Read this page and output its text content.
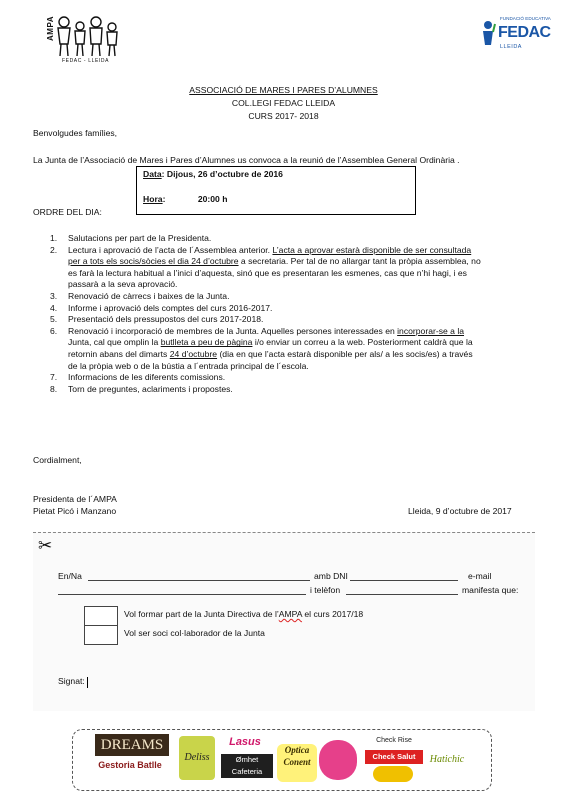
AMPA
FEDAC - LLEIDA
FUNDACIÓ EDUCATIVA
FEDAC
LLEIDA
ASSOCIACIÓ DE MARES I PARES D’ALUMNES
COL.LEGI FEDAC LLEIDA
CURS 2017- 2018
Benvolgudes famílies,
La Junta de l’Associació de Mares i Pares d’Alumnes us convoca a la reunió de l’Assemblea General Ordinària .
Data: Dijous, 26 d’octubre de 2016
Hora:	20:00 h
ORDRE DEL DIA:
1. Salutacions per part de la Presidenta.
2. Lectura i aprovació de l’acta de l´Assemblea anterior. L’acta a aprovar estarà disponible de ser consultada
per a tots els socis/sòcies el dia 24 d’octubre a secretaria. Per tal de no allargar tant la pròpia assemblea, no
es farà la lectura habitual a l’inici d’aquesta, sinó que es presentaran les esmenes, cas que n’hi hagi, i es
passarà a la seva aprovació.
3. Renovació de càrrecs i baixes de la Junta.
4. Informe i aprovació dels comptes del curs 2016-2017.
5. Presentació dels pressupostos del curs 2017-2018.
6. Renovació i incorporació de membres de la Junta. Aquelles persones interessades en incorporar-se a la
Junta, cal que omplin la butlleta a peu de pàgina i/o enviar un correu a la web. Posteriorment caldrà que la
retornin abans del dimarts 24 d’octubre (dia en que l’acta estarà disponible per als/ a les socis/es) a través
de la pròpia web o de la bústia a l´entrada principal de l´escola.
7. Informacions de les diferents comissions.
8. Torn de preguntes, aclariments i propostes.
Cordialment,
Presidenta de l´AMPA
Pietat Picó i Manzano	Lleida, 9 d’octubre de 2017
✂
En/Na	amb DNI	e-mail
i telèfon	manifesta que:
Vol formar part de la Junta Directiva de l’AMPA el curs 2017/18
Vol ser soci col·laborador de la Junta
Signat:
DREAMS
Gestoria Batlle
Deliss
Lasus
Ømhet Cafeteria
Optica Conent
Check Rise
Check Salut	Hatichic
